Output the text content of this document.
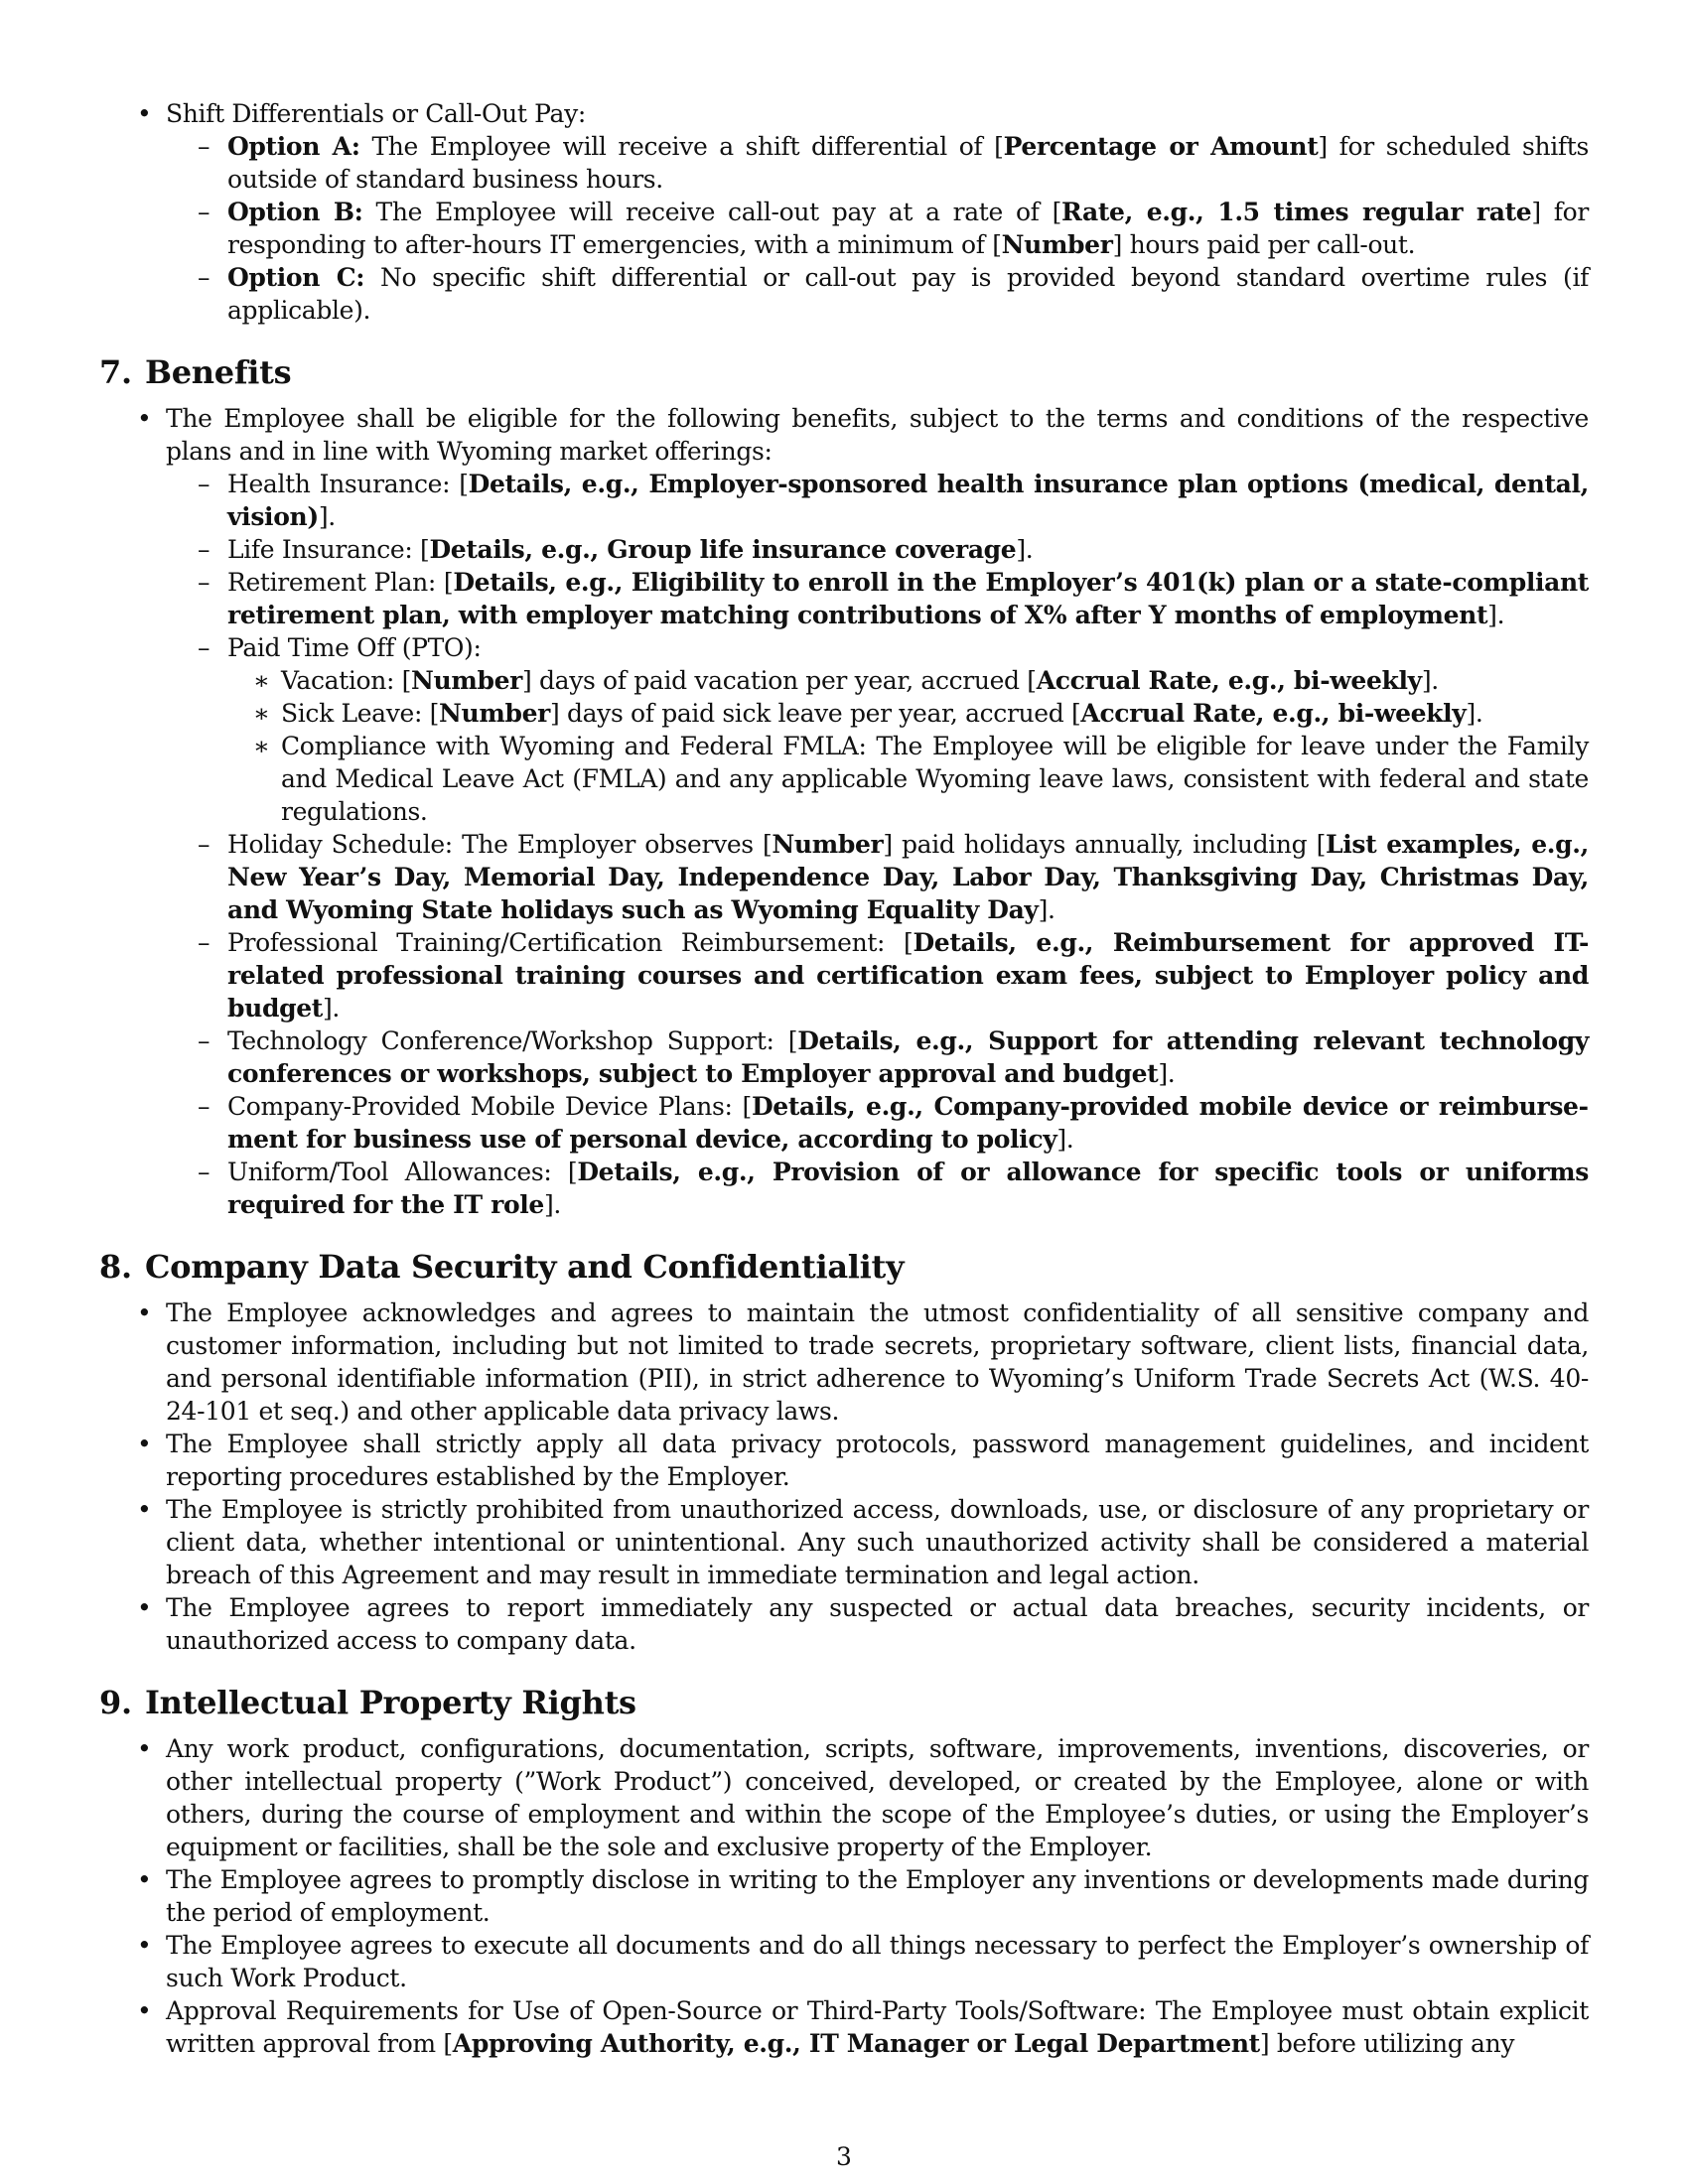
• Shift Differentials or Call-Out Pay:
– Option A: The Employee will receive a shift differential of [Percentage or Amount] for scheduled shifts outside of standard business hours.
– Option B: The Employee will receive call-out pay at a rate of [Rate, e.g., 1.5 times regular rate] for responding to after-hours IT emergencies, with a minimum of [Number] hours paid per call-out.
– Option C: No specific shift differential or call-out pay is provided beyond standard overtime rules (if applicable).
7. Benefits
• The Employee shall be eligible for the following benefits, subject to the terms and conditions of the respective plans and in line with Wyoming market offerings:
– Health Insurance: [Details, e.g., Employer-sponsored health insurance plan options (medical, dental, vision)].
– Life Insurance: [Details, e.g., Group life insurance coverage].
– Retirement Plan: [Details, e.g., Eligibility to enroll in the Employer’s 401(k) plan or a state-compliant retirement plan, with employer matching contributions of X% after Y months of employment].
– Paid Time Off (PTO):
∗ Vacation: [Number] days of paid vacation per year, accrued [Accrual Rate, e.g., bi-weekly].
∗ Sick Leave: [Number] days of paid sick leave per year, accrued [Accrual Rate, e.g., bi-weekly].
∗ Compliance with Wyoming and Federal FMLA: The Employee will be eligible for leave under the Family and Medical Leave Act (FMLA) and any applicable Wyoming leave laws, consistent with federal and state regulations.
– Holiday Schedule: The Employer observes [Number] paid holidays annually, including [List examples, e.g., New Year’s Day, Memorial Day, Independence Day, Labor Day, Thanksgiving Day, Christmas Day, and Wyoming State holidays such as Wyoming Equality Day].
– Professional Training/Certification Reimbursement: [Details, e.g., Reimbursement for approved IT-related professional training courses and certification exam fees, subject to Employer policy and budget].
– Technology Conference/Workshop Support: [Details, e.g., Support for attending relevant technology conferences or workshops, subject to Employer approval and budget].
– Company-Provided Mobile Device Plans: [Details, e.g., Company-provided mobile device or reimbursement for business use of personal device, according to policy].
– Uniform/Tool Allowances: [Details, e.g., Provision of or allowance for specific tools or uniforms required for the IT role].
8. Company Data Security and Confidentiality
• The Employee acknowledges and agrees to maintain the utmost confidentiality of all sensitive company and customer information, including but not limited to trade secrets, proprietary software, client lists, financial data, and personal identifiable information (PII), in strict adherence to Wyoming’s Uniform Trade Secrets Act (W.S. 40-24-101 et seq.) and other applicable data privacy laws.
• The Employee shall strictly apply all data privacy protocols, password management guidelines, and incident reporting procedures established by the Employer.
• The Employee is strictly prohibited from unauthorized access, downloads, use, or disclosure of any proprietary or client data, whether intentional or unintentional. Any such unauthorized activity shall be considered a material breach of this Agreement and may result in immediate termination and legal action.
• The Employee agrees to report immediately any suspected or actual data breaches, security incidents, or unauthorized access to company data.
9. Intellectual Property Rights
• Any work product, configurations, documentation, scripts, software, improvements, inventions, discoveries, or other intellectual property (”Work Product”) conceived, developed, or created by the Employee, alone or with others, during the course of employment and within the scope of the Employee’s duties, or using the Employer’s equipment or facilities, shall be the sole and exclusive property of the Employer.
• The Employee agrees to promptly disclose in writing to the Employer any inventions or developments made during the period of employment.
• The Employee agrees to execute all documents and do all things necessary to perfect the Employer’s ownership of such Work Product.
• Approval Requirements for Use of Open-Source or Third-Party Tools/Software: The Employee must obtain explicit written approval from [Approving Authority, e.g., IT Manager or Legal Department] before utilizing any
3
